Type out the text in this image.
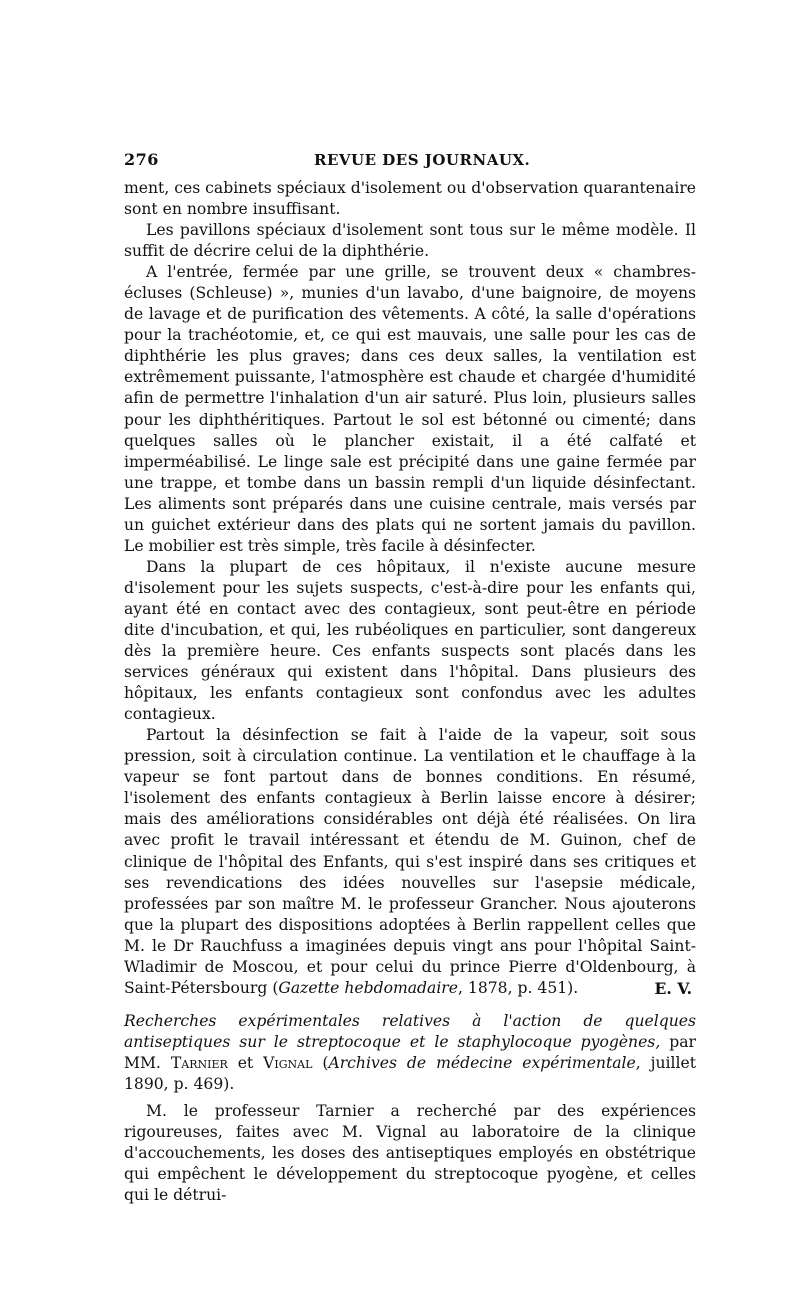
276	REVUE DES JOURNAUX.

ment, ces cabinets spéciaux d'isolement ou d'observation quarantenaire sont en nombre insuffisant.

Les pavillons spéciaux d'isolement sont tous sur le même modèle. Il suffit de décrire celui de la diphthérie.

A l'entrée, fermée par une grille, se trouvent deux « chambres-écluses (Schleuse) », munies d'un lavabo, d'une baignoire, de moyens de lavage et de purification des vêtements. A côté, la salle d'opérations pour la trachéotomie, et, ce qui est mauvais, une salle pour les cas de diphthérie les plus graves; dans ces deux salles, la ventilation est extrêmement puissante, l'atmosphère est chaude et chargée d'humidité afin de permettre l'inhalation d'un air saturé. Plus loin, plusieurs salles pour les diphthéritiques. Partout le sol est bétonné ou cimenté; dans quelques salles où le plancher existait, il a été calfaté et imperméabilisé. Le linge sale est précipité dans une gaine fermée par une trappe, et tombe dans un bassin rempli d'un liquide désinfectant. Les aliments sont préparés dans une cuisine centrale, mais versés par un guichet extérieur dans des plats qui ne sortent jamais du pavillon. Le mobilier est très simple, très facile à désinfecter.

Dans la plupart de ces hôpitaux, il n'existe aucune mesure d'isolement pour les sujets suspects, c'est-à-dire pour les enfants qui, ayant été en contact avec des contagieux, sont peut-être en période dite d'incubation, et qui, les rubéoliques en particulier, sont dangereux dès la première heure. Ces enfants suspects sont placés dans les services généraux qui existent dans l'hôpital. Dans plusieurs des hôpitaux, les enfants contagieux sont confondus avec les adultes contagieux.

Partout la désinfection se fait à l'aide de la vapeur, soit sous pression, soit à circulation continue. La ventilation et le chauffage à la vapeur se font partout dans de bonnes conditions. En résumé, l'isolement des enfants contagieux à Berlin laisse encore à désirer; mais des améliorations considérables ont déjà été réalisées. On lira avec profit le travail intéressant et étendu de M. Guinon, chef de clinique de l'hôpital des Enfants, qui s'est inspiré dans ses critiques et ses revendications des idées nouvelles sur l'asepsie médicale, professées par son maître M. le professeur Grancher. Nous ajouterons que la plupart des dispositions adoptées à Berlin rappellent celles que M. le Dr Rauchfuss a imaginées depuis vingt ans pour l'hôpital Saint-Wladimir de Moscou, et pour celui du prince Pierre d'Oldenbourg, à Saint-Pétersbourg (Gazette hebdomadaire, 1878, p. 451).	E. V.

Recherches expérimentales relatives à l'action de quelques antiseptiques sur le streptocoque et le staphylocoque pyogènes, par MM. Tarnier et Vignal (Archives de médecine expérimentale, juillet 1890, p. 469).

M. le professeur Tarnier a recherché par des expériences rigoureuses, faites avec M. Vignal au laboratoire de la clinique d'accouchements, les doses des antiseptiques employés en obstétrique qui empêchent le développement du streptocoque pyogène, et celles qui le détrui-
